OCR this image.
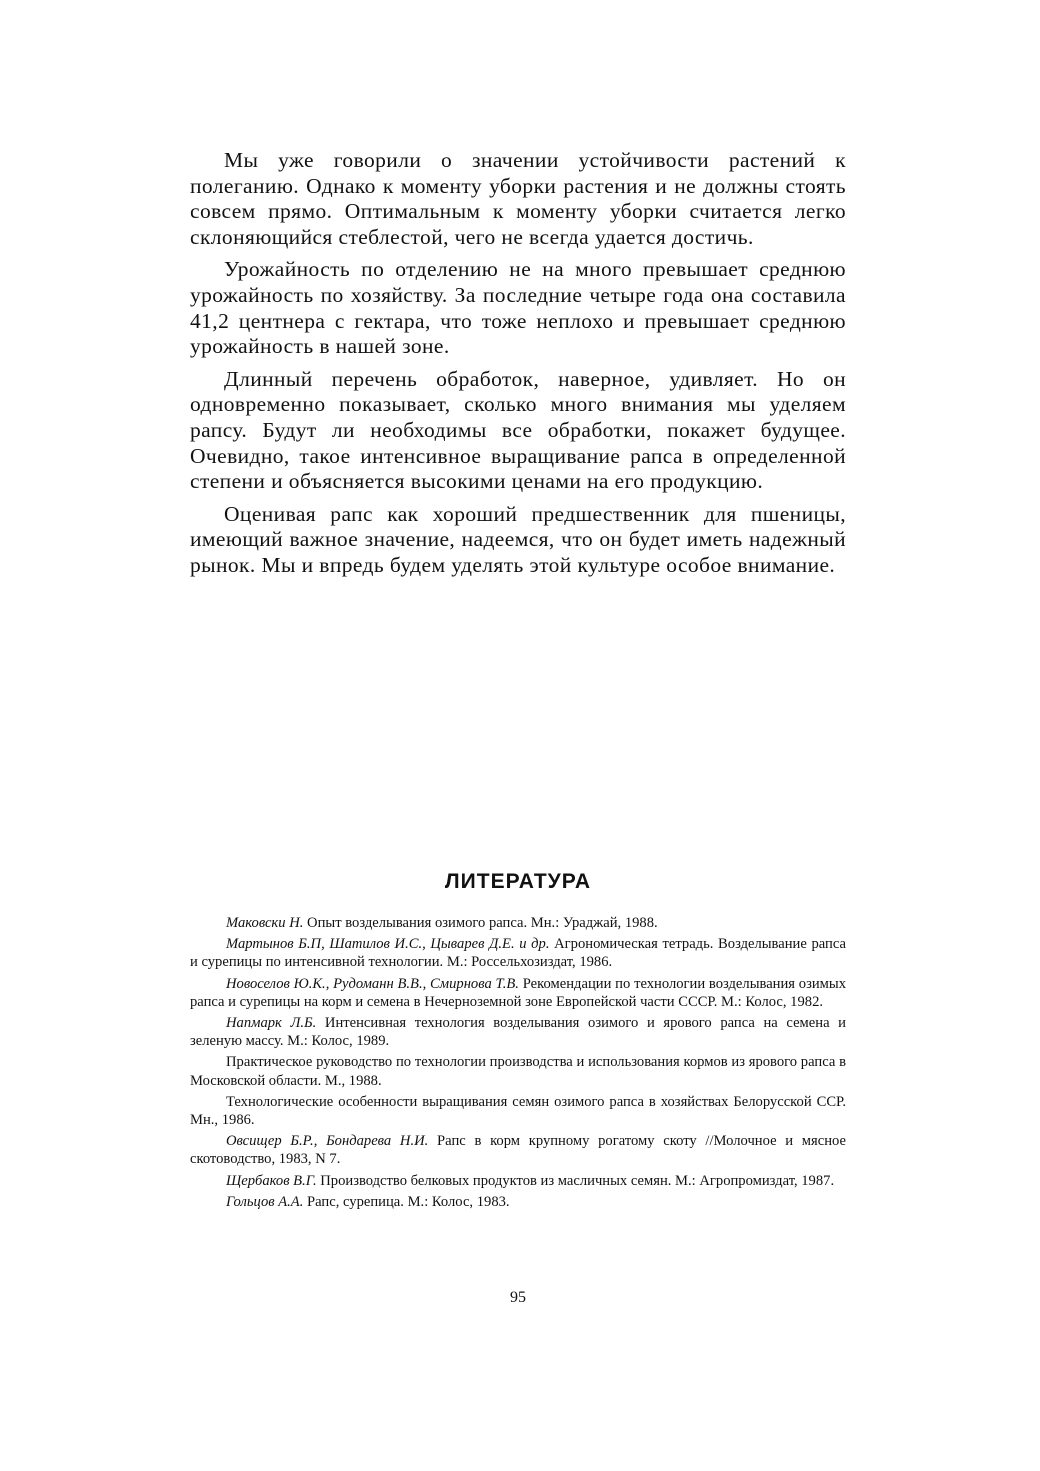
Мы уже говорили о значении устойчивости растений к полеганию. Однако к моменту уборки растения и не должны стоять совсем прямо. Оптимальным к моменту уборки считается легко склоняющийся стеблестой, чего не всегда удается достичь.

Урожайность по отделению не на много превышает среднюю урожайность по хозяйству. За последние четыре года она составила 41,2 центнера с гектара, что тоже неплохо и превышает среднюю урожайность в нашей зоне.

Длинный перечень обработок, наверное, удивляет. Но он одновременно показывает, сколько много внимания мы уделяем рапсу. Будут ли необходимы все обработки, покажет будущее. Очевидно, такое интенсивное выращивание рапса в определенной степени и объясняется высокими ценами на его продукцию.

Оценивая рапс как хороший предшественник для пшеницы, имеющий важное значение, надеемся, что он будет иметь надежный рынок. Мы и впредь будем уделять этой культуре особое внимание.

ЛИТЕРАТУРА
Маковски Н. Опыт возделывания озимого рапса. Мн.: Ураджай, 1988.
Мартынов Б.П, Шатилов И.С., Цыварев Д.Е. и др. Агрономическая тетрадь. Возделывание рапса и сурепицы по интенсивной технологии. М.: Россельхозиздат, 1986.
Новоселов Ю.К., Рудоманн В.В., Смирнова Т.В. Рекомендации по технологии возделывания озимых рапса и сурепицы на корм и семена в Нечерноземной зоне Европейской части СССР. М.: Колос, 1982.
Напмарк Л.Б. Интенсивная технология возделывания озимого и ярового рапса на семена и зеленую массу. М.: Колос, 1989.
Практическое руководство по технологии производства и использования кормов из ярового рапса в Московской области. М., 1988.
Технологические особенности выращивания семян озимого рапса в хозяйствах Белорусской ССР. Мн., 1986.
Овсищер Б.Р., Бондарева Н.И. Рапс в корм крупному рогатому скоту //Молочное и мясное скотоводство, 1983, N 7.
Щербаков В.Г. Производство белковых продуктов из масличных семян. М.: Агропромиздат, 1987.
Гольцов А.А. Рапс, сурепица. М.: Колос, 1983.
95
